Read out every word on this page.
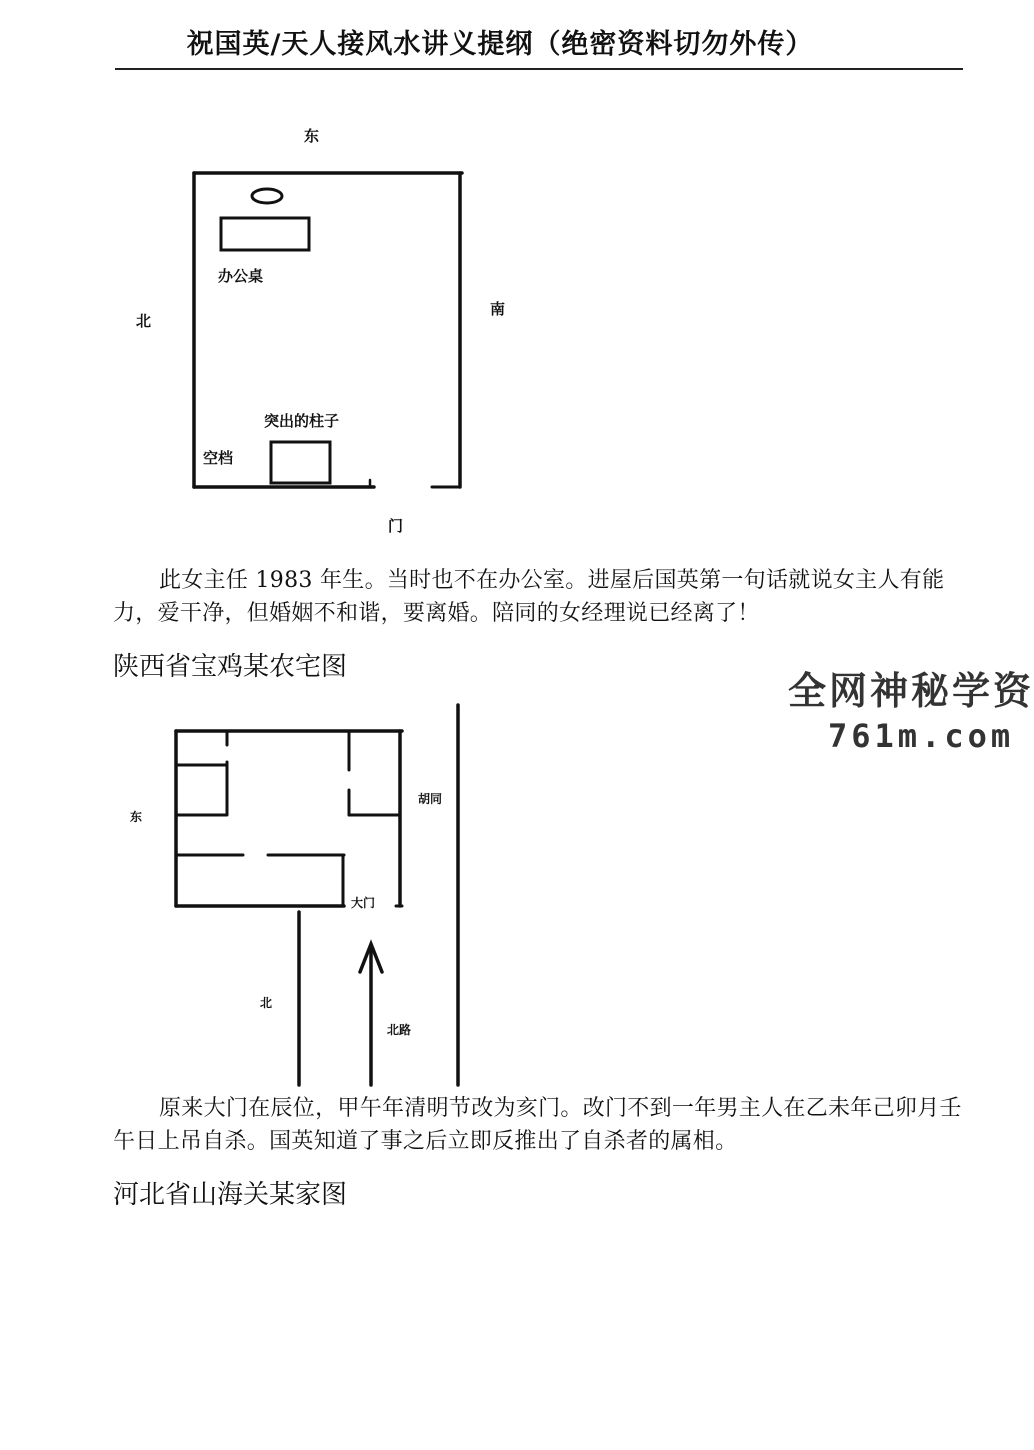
祝国英/天人接风水讲义提纲（绝密资料切勿外传）
东
北
南
门
办公桌
突出的柱子
空档
此女主任 1983 年生。当时也不在办公室。进屋后国英第一句话就说女主人有能力，爱干净，但婚姻不和谐，要离婚。陪同的女经理说已经离了！
陕西省宝鸡某农宅图
全网神秘学资
761m.com
东
胡同
大门
北
北路
原来大门在辰位，甲午年清明节改为亥门。改门不到一年男主人在乙未年己卯月壬午日上吊自杀。国英知道了事之后立即反推出了自杀者的属相。
河北省山海关某家图
